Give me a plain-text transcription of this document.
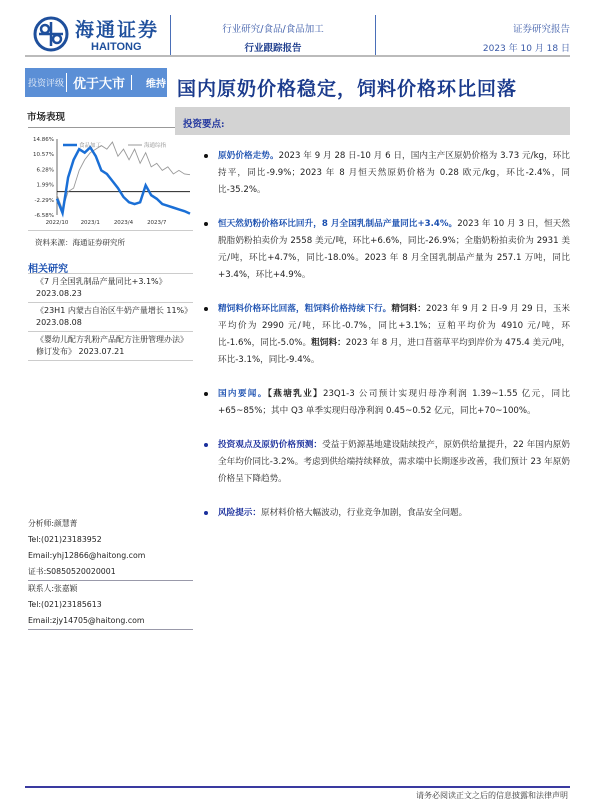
海通证券
HAITONG
行业研究/食品/食品加工
行业跟踪报告
证券研究报告
2023 年 10 月 18 日
投资评级 优于大市	维持 国内原奶价格稳定，饲料价格环比回落
市场表现
14.86%
10.57%
6.28%
1.99%
-2.29%
-6.58%
2022/10 2023/1	2023/4	2023/7
食品加工	海通综指
资料来源：海通证券研究所
相关研究
《7 月全国乳制品产量同比+3.1%》 2023.08.23
《23H1 内蒙古自治区牛奶产量增长 11%》 2023.08.08
《婴幼儿配方乳粉产品配方注册管理办法》修订发布》 2023.07.21
分析师:颜慧菁
Tel:(021)23183952
Email:yhj12866@haitong.com
证书:S0850520020001
联系人:张嘉颖
Tel:(021)23185613
Email:zjy14705@haitong.com
投资要点:
原奶价格走势。2023 年 9 月 28 日-10 月 6 日，国内主产区原奶价格为 3.73 元/kg，环比持平，同比-9.9%；2023 年 8 月恒天然原奶价格为 0.28 欧元/kg，环比-2.4%，同比-35.2%。
恒天然奶粉价格环比回升，8 月全国乳制品产量同比+3.4%。2023 年 10 月 3 日，恒天然脱脂奶粉拍卖价为 2558 美元/吨，环比+6.6%，同比-26.9%；全脂奶粉拍卖价为 2931 美元/吨，环比+4.7%，同比-18.0%。2023 年 8 月全国乳制品产量为 257.1 万吨，同比+3.4%，环比+4.9%。
精饲料价格环比回落，粗饲料价格持续下行。精饲料：2023 年 9 月 2 日-9 月 29 日，玉米平均价为 2990 元/吨，环比-0.7%，同比+3.1%；豆粕平均价为 4910 元/吨，环比-1.6%，同比-5.0%。粗饲料：2023 年 8 月，进口苜蓿草平均到岸价为 475.4 美元/吨，环比-3.1%，同比-9.4%。
国内要闻。【燕塘乳业】23Q1-3 公司预计实现归母净利润 1.39~1.55 亿元，同比+65~85%；其中 Q3 单季实现归母净利润 0.45~0.52 亿元，同比+70~100%。
投资观点及原奶价格预测：受益于奶源基地建设陆续投产，原奶供给量提升，22 年国内原奶全年均价同比-3.2%。考虑到供给端持续释放，需求端中长期逐步改善，我们预计 23 年原奶价格呈下降趋势。
风险提示：原材料价格大幅波动，行业竞争加剧，食品安全问题。
请务必阅读正文之后的信息披露和法律声明
